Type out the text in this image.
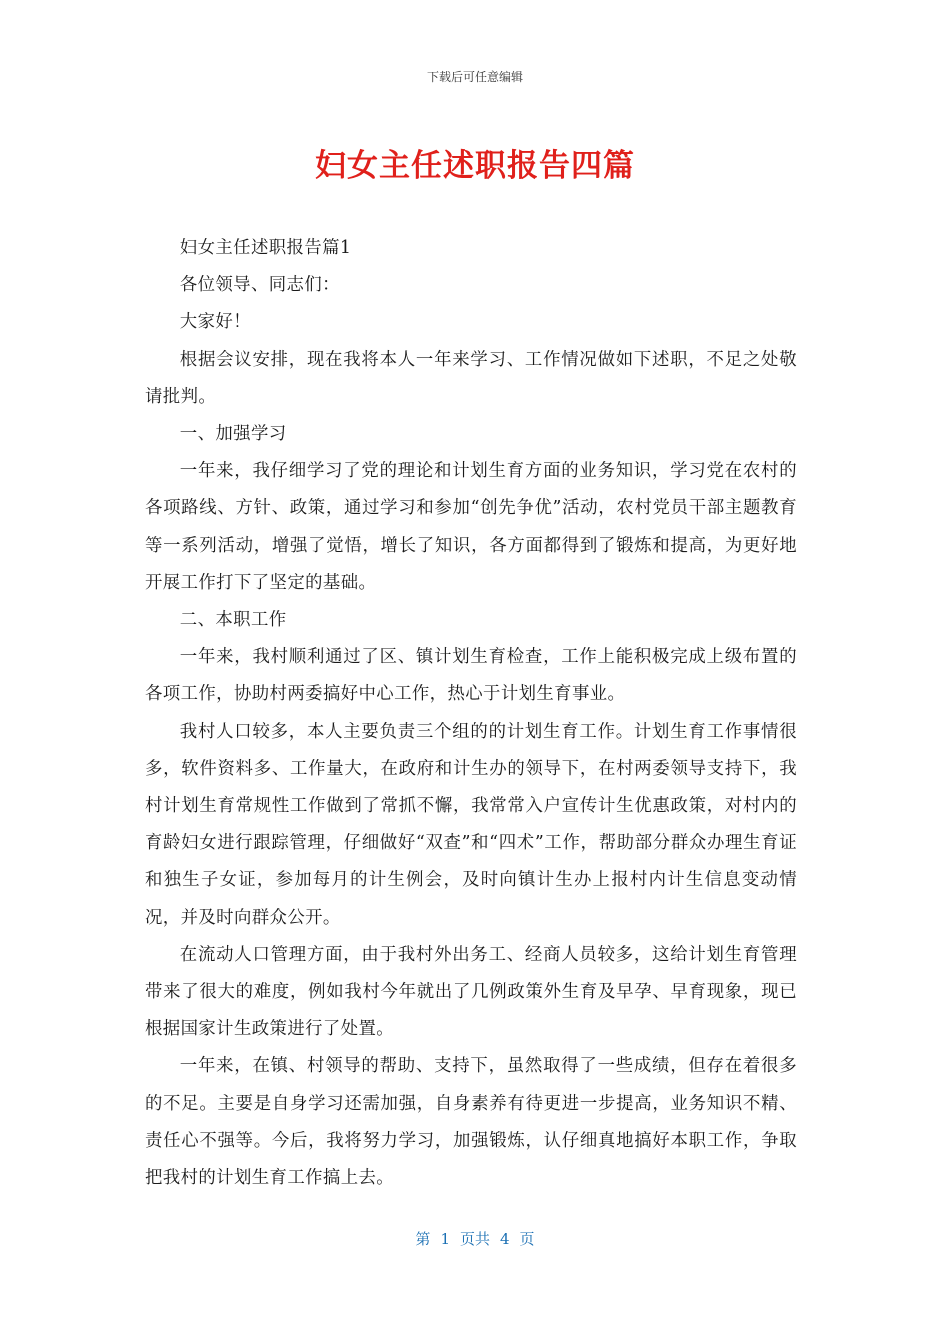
下载后可任意编辑
妇女主任述职报告四篇

妇女主任述职报告篇1

各位领导、同志们：

大家好！

根据会议安排，现在我将本人一年来学习、工作情况做如下述职，不足之处敬请批判。

一、加强学习

一年来，我仔细学习了党的理论和计划生育方面的业务知识，学习党在农村的各项路线、方针、政策，通过学习和参加“创先争优”活动，农村党员干部主题教育等一系列活动，增强了觉悟，增长了知识，各方面都得到了锻炼和提高，为更好地开展工作打下了坚定的基础。

二、本职工作

一年来，我村顺利通过了区、镇计划生育检查，工作上能积极完成上级布置的各项工作，协助村两委搞好中心工作，热心于计划生育事业。

我村人口较多，本人主要负责三个组的的计划生育工作。计划生育工作事情很多，软件资料多、工作量大，在政府和计生办的领导下，在村两委领导支持下，我村计划生育常规性工作做到了常抓不懈，我常常入户宣传计生优惠政策，对村内的育龄妇女进行跟踪管理，仔细做好“双查”和“四术”工作，帮助部分群众办理生育证和独生子女证，参加每月的计生例会，及时向镇计生办上报村内计生信息变动情况，并及时向群众公开。

在流动人口管理方面，由于我村外出务工、经商人员较多，这给计划生育管理带来了很大的难度，例如我村今年就出了几例政策外生育及早孕、早育现象，现已根据国家计生政策进行了处置。

一年来，在镇、村领导的帮助、支持下，虽然取得了一些成绩，但存在着很多的不足。主要是自身学习还需加强，自身素养有待更进一步提高，业务知识不精、责任心不强等。今后，我将努力学习，加强锻炼，认仔细真地搞好本职工作，争取把我村的计划生育工作搞上去。

第 1 页共 4 页
